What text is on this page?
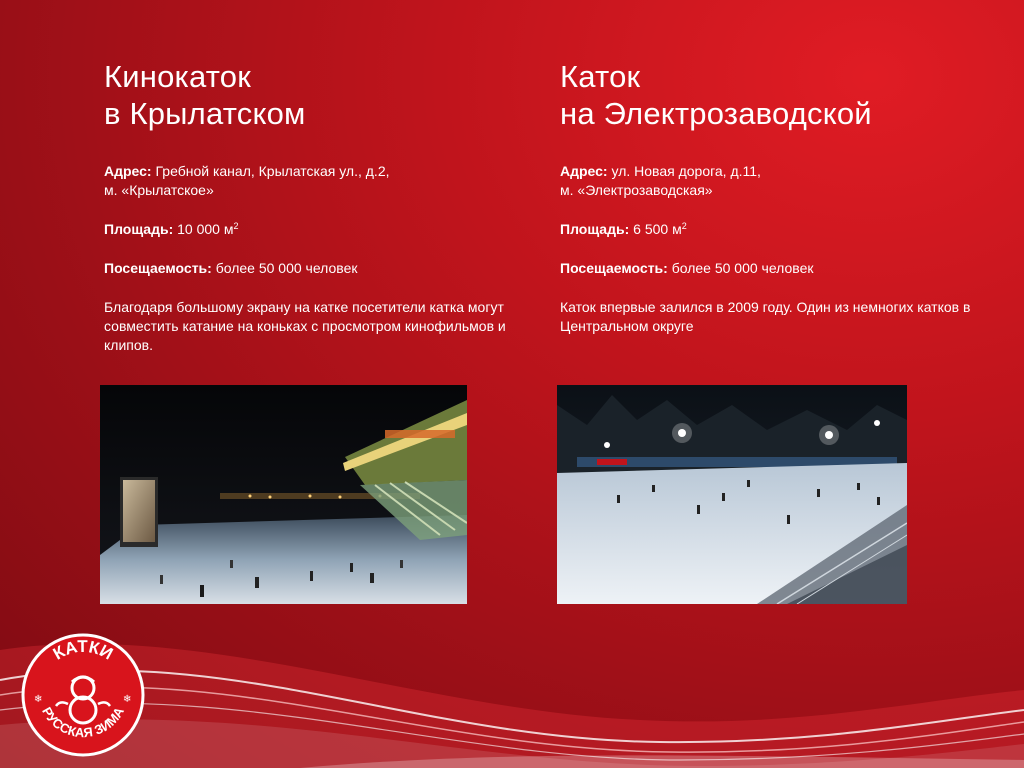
Кинокаток
в Крылатском

Адрес: Гребной канал, Крылатская ул., д.2,
м. «Крылатское»

Площадь: 10 000 $м^2$

Посещаемость: более 50 000 человек

Благодаря большому экрану на катке посетители катка могут совместить катание на коньках с просмотром кинофильмов и клипов.

Каток
на Электрозаводской

Адрес: ул. Новая дорога, д.11,
м. «Электрозаводская»

Площадь: 6 500 $м^2$

Посещаемость: более 50 000 человек

Каток впервые залился в 2009 году. Один из немногих катков в Центральном округе

КАТКИ
РУССКАЯ ЗИМА
❄	❄
